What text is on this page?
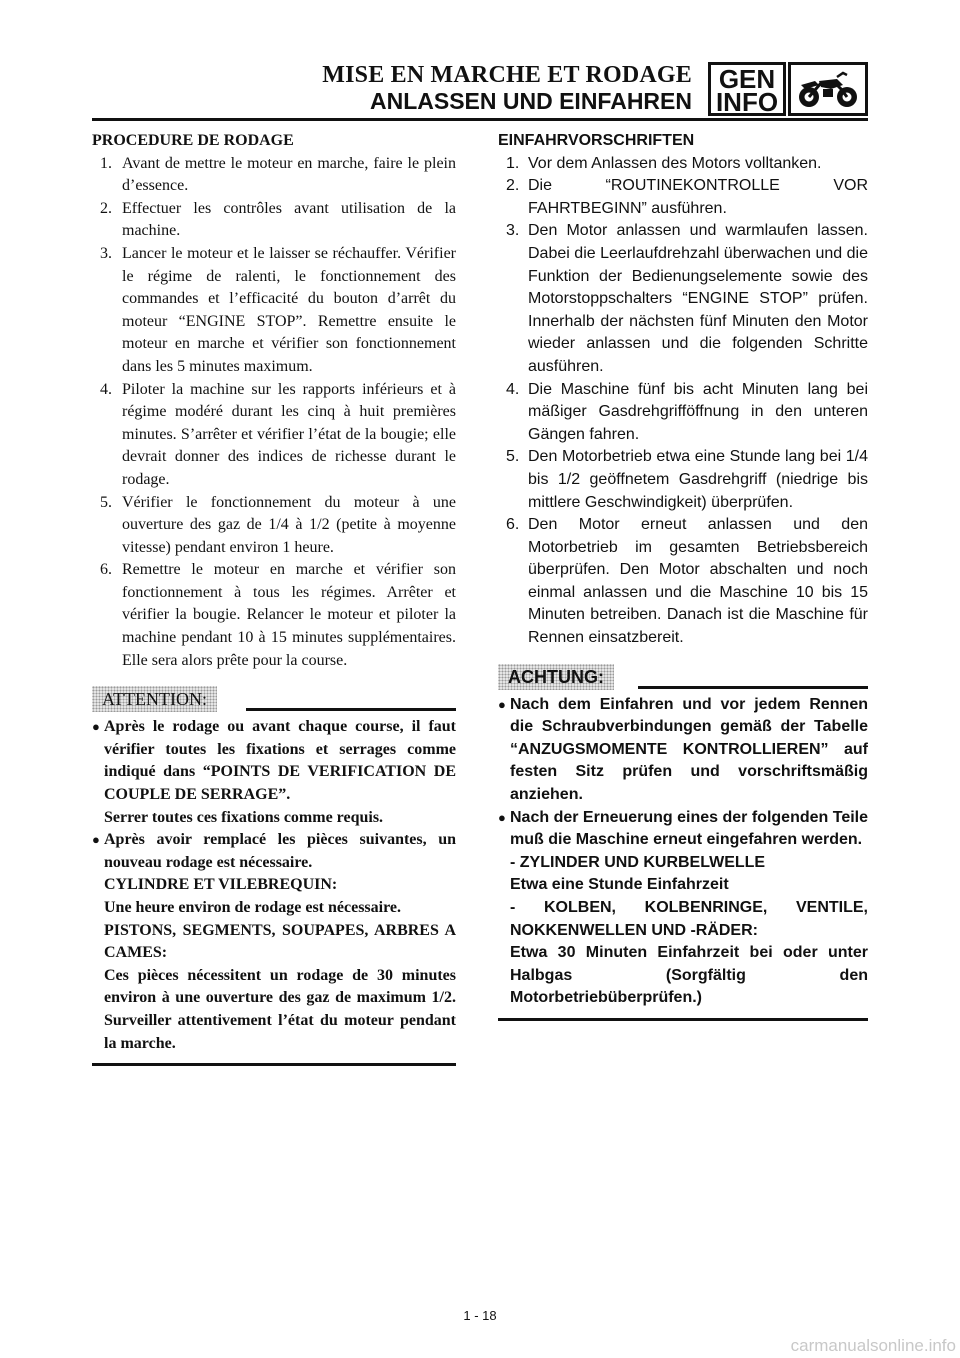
MISE EN MARCHE ET RODAGE
ANLASSEN UND EINFAHREN
GEN
INFO

PROCEDURE DE RODAGE

1. Avant de mettre le moteur en marche, faire le plein d’essence.
2. Effectuer les contrôles avant utilisation de la machine.
3. Lancer le moteur et le laisser se réchauffer. Vérifier le régime de ralenti, le fonctionnement des commandes et l’efficacité du bouton d’arrêt du moteur “ENGINE STOP”. Remettre ensuite le moteur en marche et vérifier son fonctionnement dans les 5 minutes maximum.
4. Piloter la machine sur les rapports inférieurs et à régime modéré durant les cinq à huit premières minutes. S’arrêter et vérifier l’état de la bougie; elle devrait donner des indices de richesse durant le rodage.
5. Vérifier le fonctionnement du moteur à une ouverture des gaz de 1/4 à 1/2 (petite à moyenne vitesse) pendant environ 1 heure.
6. Remettre le moteur en marche et vérifier son fonctionnement à tous les régimes. Arrêter et vérifier la bougie. Relancer le moteur et piloter la machine pendant 10 à 15 minutes supplémentaires. Elle sera alors prête pour la course.
ATTENTION:
● Après le rodage ou avant chaque course, il faut vérifier toutes les fixations et serrages comme indiqué dans “POINTS DE VERIFICATION DE COUPLE DE SERRAGE”.
Serrer toutes ces fixations comme requis.
● Après avoir remplacé les pièces suivantes, un nouveau rodage est nécessaire.
CYLINDRE ET VILEBREQUIN:
Une heure environ de rodage est nécessaire.
PISTONS, SEGMENTS, SOUPAPES, ARBRES A CAMES:
Ces pièces nécessitent un rodage de 30 minutes environ à une ouverture des gaz de maximum 1/2. Surveiller attentivement l’état du moteur pendant la marche.

EINFAHRVORSCHRIFTEN

1. Vor dem Anlassen des Motors volltanken.
2. Die “ROUTINEKONTROLLE VOR FAHRTBEGINN” ausführen.
3. Den Motor anlassen und warmlaufen lassen. Dabei die Leerlaufdrehzahl überwachen und die Funktion der Bedienungselemente sowie des Motorstoppschalters “ENGINE STOP” prüfen. Innerhalb der nächsten fünf Minuten den Motor wieder anlassen und die folgenden Schritte ausführen.
4. Die Maschine fünf bis acht Minuten lang bei mäßiger Gasdrehgrifföffnung in den unteren Gängen fahren.
5. Den Motorbetrieb etwa eine Stunde lang bei 1/4 bis 1/2 geöffnetem Gasdrehgriff (niedrige bis mittlere Geschwindigkeit) überprüfen.
6. Den Motor erneut anlassen und den Motorbetrieb im gesamten Betriebsbereich überprüfen. Den Motor abschalten und noch einmal anlassen und die Maschine 10 bis 15 Minuten betreiben. Danach ist die Maschine für Rennen einsatzbereit.
ACHTUNG:
● Nach dem Einfahren und vor jedem Rennen die Schraubverbindungen gemäß der Tabelle “ANZUGSMOMENTE KONTROLLIEREN” auf festen Sitz prüfen und vorschriftsmäßig anziehen.
● Nach der Erneuerung eines der folgenden Teile muß die Maschine erneut eingefahren werden.
- ZYLINDER UND KURBELWELLE
Etwa eine Stunde Einfahrzeit
- KOLBEN, KOLBENRINGE, VENTILE, NOKKENWELLEN UND -RÄDER:
Etwa 30 Minuten Einfahrzeit bei oder unter Halbgas (Sorgfältig den Motorbetriebüberprüfen.)
1 - 18
carmanualsonline.info
